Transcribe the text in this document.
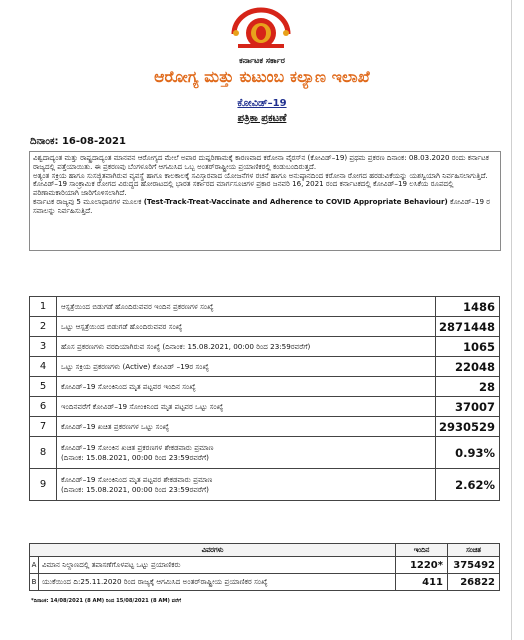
ಕರ್ನಾಟಕ ಸರ್ಕಾರ
ಆರೋಗ್ಯ ಮತ್ತು ಕುಟುಂಬ ಕಲ್ಯಾಣ ಇಲಾಖೆ
ಕೋವಿಡ್–19
ಪತ್ರಿಕಾ ಪ್ರಕಟಣೆ
ದಿನಾಂಕ: 16-08-2021

ವಿಶ್ವದಾದ್ಯಂತ ಮತ್ತು ರಾಷ್ಟ್ರದಾದ್ಯಂತ ಮಾನವನ ಆರೋಗ್ಯದ ಮೇಲೆ ಅಪಾರ ದುಷ್ಪರಿಣಾಮಕ್ಕೆ ಕಾರಣವಾದ ಕರೋನಾ ವೈರಸ್‌ನ (ಕೋವಿಡ್–19) ಪ್ರಥಮ ಪ್ರಕರಣ ದಿನಾಂಕ: 08.03.2020 ರಂದು ಕರ್ನಾಟಕ ರಾಜ್ಯದಲ್ಲಿ ಪತ್ತೆಯಾಯಿತು. ಈ ಪ್ರಕರಣವು ಬೆಂಗಳೂರಿಗೆ ಆಗಮಿಸಿದ ಒಬ್ಬ ಅಂತರ್‌ರಾಷ್ಟ್ರೀಯ ಪ್ರಯಾಣಿಕರಲ್ಲಿ ಕಂಡುಬಂದಿರುತ್ತದೆ.

ಅತ್ಯಂತ ಸಕ್ರಿಯ ಹಾಗೂ ಸುಸಜ್ಜಿತವಾಗಿರುವ ವ್ಯವಸ್ಥೆ ಹಾಗೂ ಕಾಲಕಾಲಕ್ಕೆ ಸವಿಸ್ತಾರವಾದ ಯೋಜನೆಗಳ ರಚನೆ ಹಾಗೂ ಅನುಷ್ಠಾನದಿಂದ ಕರೋನಾ ರೋಗದ ಹರಡುವಿಕೆಯನ್ನು ಯಶಸ್ವಿಯಾಗಿ ನಿರ್ವಹಿಸಲಾಗುತ್ತಿದೆ.

ಕೋವಿಡ್–19 ಸಾಂಕ್ರಾಮಿಕ ರೋಗದ ವಿರುದ್ಧದ ಹೋರಾಟದಲ್ಲಿ ಭಾರತ ಸರ್ಕಾರದ ಮಾರ್ಗಸೂಚಿಗಳ ಪ್ರಕಾರ ಜನವರಿ 16, 2021 ರಂದ ಕರ್ನಾಟಕದಲ್ಲಿ ಕೋವಿಡ್–19 ಲಸಿಕೆಯ ರೂಪದಲ್ಲಿ ಪರಿಣಾಮಕಾರಿಯಾಗಿ ಜಾರಿಗೊಳಿಸಲಾಗಿದೆ.

ಕರ್ನಾಟಕ ರಾಜ್ಯವು 5 ಮೂಲಾಧಾರಗಳ ಮೂಲಕ (Test-Track-Treat-Vaccinate and Adherence to COVID Appropriate Behaviour) ಕೋವಿಡ್–19 ರ ಸವಾಲನ್ನು ನಿರ್ವಹಿಸುತ್ತಿದೆ.

1	ಆಸ್ಪತ್ರೆಯಿಂದ ಬಿಡುಗಡೆ ಹೊಂದಿರುವವರ ಇಂದಿನ ಪ್ರಕರಣಗಳ ಸಂಖ್ಯೆ	1486
2	ಒಟ್ಟು ಆಸ್ಪತ್ರೆಯಿಂದ ಬಿಡುಗಡೆ ಹೊಂದಿರುವವರ ಸಂಖ್ಯೆ	2871448
3	ಹೊಸ ಪ್ರಕರಣಗಳು ವರದಿಯಾಗಿರುವ ಸಂಖ್ಯೆ (ದಿನಾಂಕ: 15.08.2021, 00:00 ರಿಂದ 23:59ರವರೆಗೆ)	1065
4	ಒಟ್ಟು ಸಕ್ರಿಯ ಪ್ರಕರಣಗಳು (Active) ಕೋವಿಡ್ –19ರ ಸಂಖ್ಯೆ	22048
5	ಕೋವಿಡ್–19 ಸೋಂಕಿನಿಂದ ಮೃತ ಪಟ್ಟವರ ಇಂದಿನ ಸಂಖ್ಯೆ	28
6	ಇಂದಿನವರೆಗೆ ಕೋವಿಡ್–19 ಸೋಂಕಿನಿಂದ ಮೃತ ಪಟ್ಟವರ ಒಟ್ಟು ಸಂಖ್ಯೆ	37007
7	ಕೋವಿಡ್–19 ಖಚಿತ ಪ್ರಕರಣಗಳ ಒಟ್ಟು ಸಂಖ್ಯೆ	2930529
8	ಕೋವಿಡ್–19 ಸೋಂಕಿನ ಖಚಿತ ಪ್ರಕರಣಗಳ ಶೇಕಡವಾರು ಪ್ರಮಾಣ
(ದಿನಾಂಕ: 15.08.2021, 00:00 ರಿಂದ 23:59ರವರೆಗೆ)	0.93%
9	ಕೋವಿಡ್–19 ಸೋಂಕಿನಿಂದ ಮೃತ ಪಟ್ಟವರ ಶೇಕಡವಾರು ಪ್ರಮಾಣ
(ದಿನಾಂಕ: 15.08.2021, 00:00 ರಿಂದ 23:59ರವರೆಗೆ)	2.62%
ವಿವರಗಳು		ಇಂದಿನ	ಸಂಚಿತ
A	ವಿಮಾನ ನಿಲ್ದಾಣದಲ್ಲಿ ತಪಾಸಣೆಗೊಳಪಟ್ಟ ಒಟ್ಟು ಪ್ರಯಾಣಿಕರು	1220*	375492
B	ಯುಕೆಯಿಂದ ದಿ:25.11.2020 ರಿಂದ ರಾಜ್ಯಕ್ಕೆ ಆಗಮಿಸಿದ ಅಂತರ್‌ರಾಷ್ಟ್ರೀಯ ಪ್ರಯಾಣಿಕರ ಸಂಖ್ಯೆ	411	26822
*ದಿನಾಂಕ: 14/08/2021 (8 AM) ರಿಂದ 15/08/2021 (8 AM) ವರೆಗೆ
